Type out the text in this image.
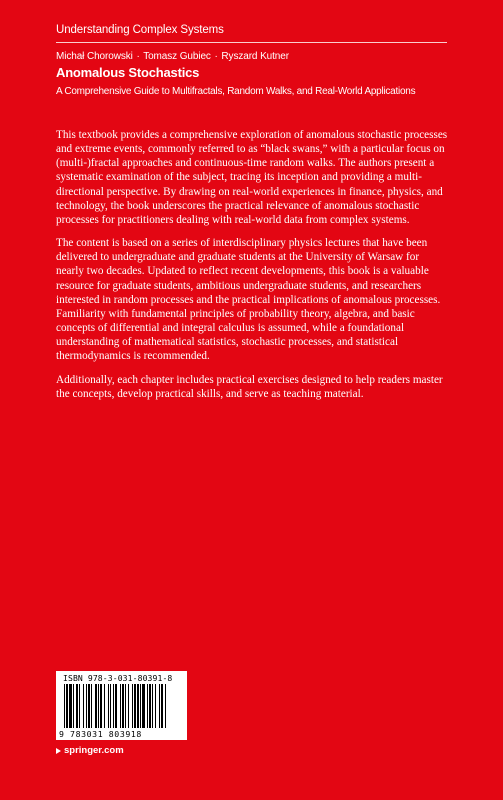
Understanding Complex Systems
Michał Chorowski · Tomasz Gubiec · Ryszard Kutner
Anomalous Stochastics
A Comprehensive Guide to Multifractals, Random Walks, and Real-World Applications

This textbook provides a comprehensive exploration of anomalous stochastic processes and extreme events, commonly referred to as “black swans,” with a particular focus on (multi-)fractal approaches and continuous-time random walks. The authors present a systematic examination of the subject, tracing its inception and providing a multi-directional perspective. By drawing on real-world experiences in finance, physics, and technology, the book underscores the practical relevance of anomalous stochastic processes for practitioners dealing with real-world data from complex systems.

The content is based on a series of interdisciplinary physics lectures that have been delivered to undergraduate and graduate students at the University of Warsaw for nearly two decades. Updated to reflect recent developments, this book is a valuable resource for graduate students, ambitious undergraduate students, and researchers interested in random processes and the practical implications of anomalous processes. Familiarity with fundamental principles of probability theory, algebra, and basic concepts of differential and integral calculus is assumed, while a foundational understanding of mathematical statistics, stochastic processes, and statistical thermodynamics is recommended.

Additionally, each chapter includes practical exercises designed to help readers master the concepts, develop practical skills, and serve as teaching material.

ISBN 978-3-031-80391-8
9 783031 803918
springer.com
